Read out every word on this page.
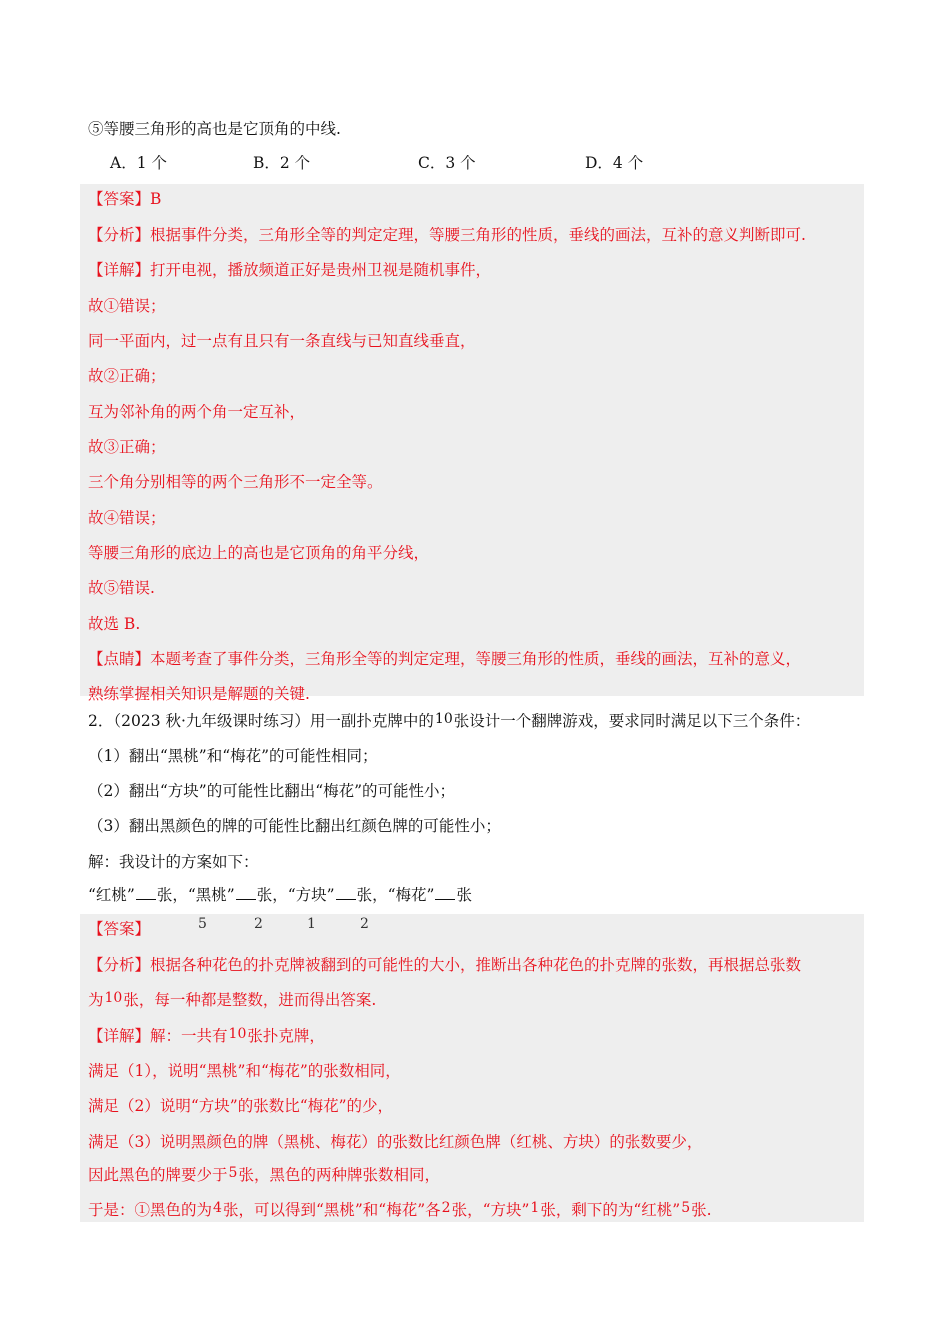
⑤等腰三角形的高也是它顶角的中线.
A．1 个	B．2 个	C．3 个	D．4 个
【答案】B
【分析】根据事件分类，三角形全等的判定定理，等腰三角形的性质，垂线的画法，互补的意义判断即可.
【详解】打开电视，播放频道正好是贵州卫视是随机事件，
故①错误；
同一平面内，过一点有且只有一条直线与已知直线垂直，
故②正确；
互为邻补角的两个角一定互补，
故③正确；
三个角分别相等的两个三角形不一定全等。
故④错误；
等腰三角形的底边上的高也是它顶角的角平分线，
故⑤错误.
故选 B.
【点睛】本题考查了事件分类，三角形全等的判定定理，等腰三角形的性质，垂线的画法，互补的意义，
熟练掌握相关知识是解题的关键.
2．（2023 秋·九年级课时练习）用一副扑克牌中的10张设计一个翻牌游戏，要求同时满足以下三个条件：
（1）翻出“黑桃”和“梅花”的可能性相同；
（2）翻出“方块”的可能性比翻出“梅花”的可能性小；
（3）翻出黑颜色的牌的可能性比翻出红颜色牌的可能性小；
解：我设计的方案如下：
“红桃” 张，“黑桃” 张，“方块” 张，“梅花” 张
【答案】	5	2	1	2
【分析】根据各种花色的扑克牌被翻到的可能性的大小，推断出各种花色的扑克牌的张数，再根据总张数
为10张，每一种都是整数，进而得出答案.
【详解】解：一共有10张扑克牌，
满足（1），说明“黑桃”和“梅花”的张数相同，
满足（2）说明“方块”的张数比“梅花”的少，
满足（3）说明黑颜色的牌（黑桃、梅花）的张数比红颜色牌（红桃、方块）的张数要少，
因此黑色的牌要少于5张，黑色的两种牌张数相同，
于是：①黑色的为4张，可以得到“黑桃”和“梅花”各2张，“方块”1张，剩下的为“红桃”5张.
